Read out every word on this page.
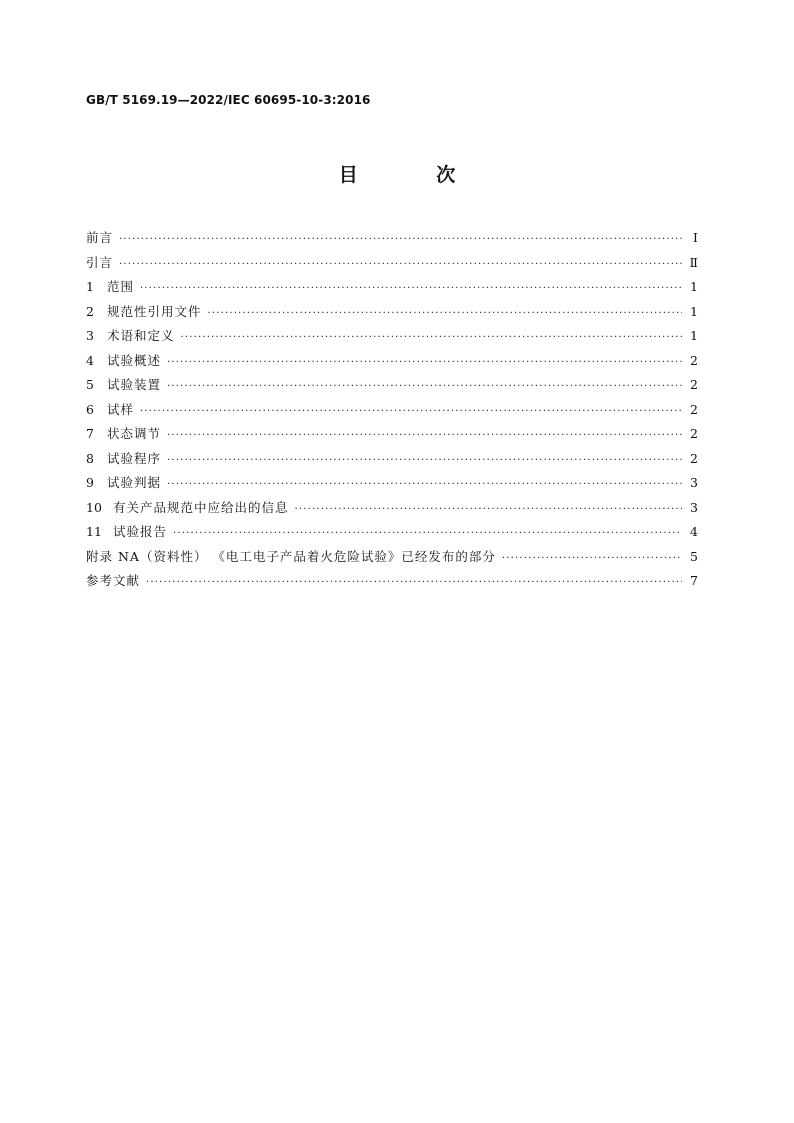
GB/T 5169.19—2022/IEC 60695-10-3:2016
目 次
前言 ·····	Ⅰ
引言 ·····	Ⅱ
1	范围 ·····	1
2	规范性引用文件 ·····	1
3	术语和定义 ·····	1
4	试验概述 ·····	2
5	试验装置 ·····	2
6	试样 ·····	2
7	状态调节 ·····	2
8	试验程序 ·····	2
9	试验判据 ·····	3
10 有关产品规范中应给出的信息 ·····	3
11 试验报告 ·····	4
附录 NA（资料性） 《电工电子产品着火危险试验》已经发布的部分 ·····	5
参考文献 ·····	7
